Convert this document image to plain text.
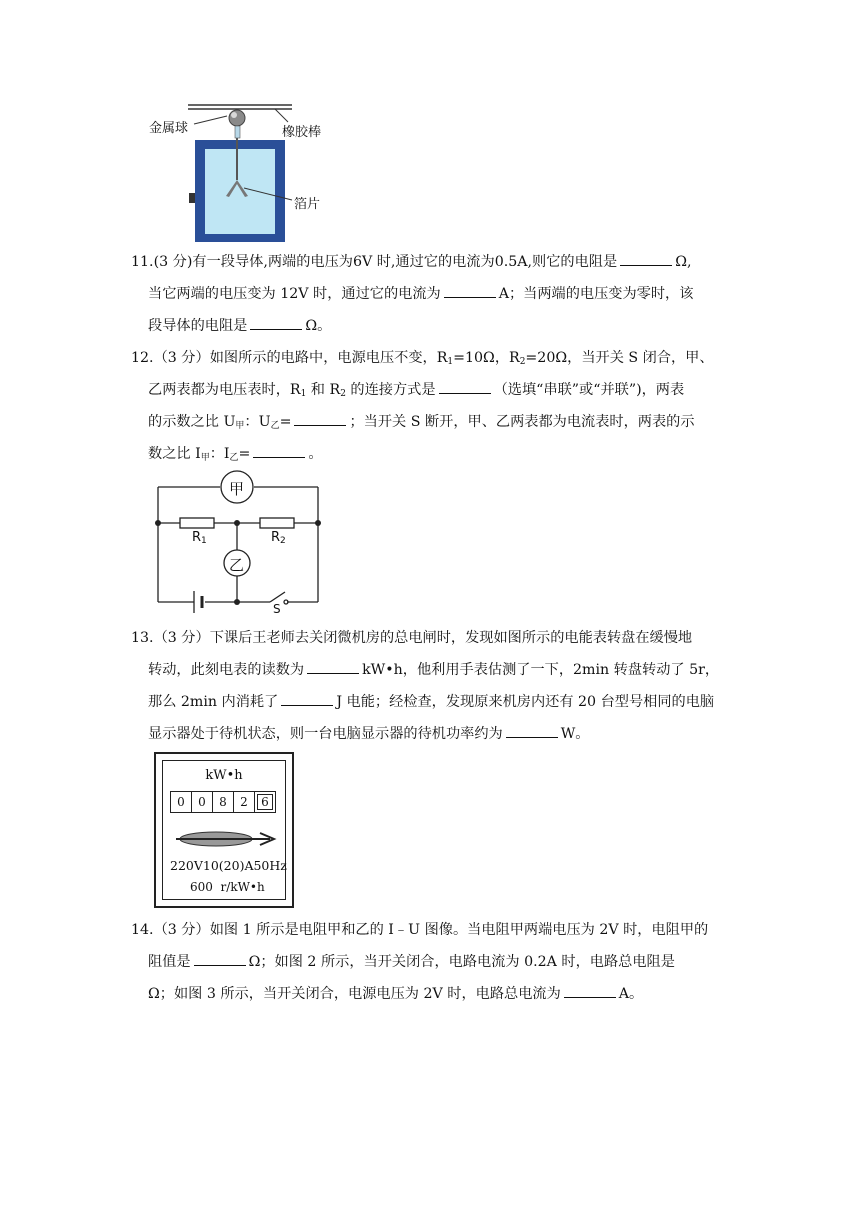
金属球	橡胶棒
箔片
11.(3 分)有一段导体,两端的电压为6V 时,通过它的电流为0.5A,则它的电阻是	Ω,
当它两端的电压变为 12V 时，通过它的电流为	A；当两端的电压变为零时，该
段导体的电阻是	Ω。
12.（3 分）如图所示的电路中，电源电压不变，$R_1=10\Omega$，$R_2=20\Omega$，当开关 S 闭合，甲、
乙两表都为电压表时，$R_1$ 和 $R_2$ 的连接方式是	（选填“串联”或“并联”)，两表
的示数之比 $U_甲$：$U_乙=$	；当开关 S 断开，甲、乙两表都为电流表时，两表的示
数之比 $I_甲$：$I_乙=$	。
甲
乙
$R_1$	$R_2$
S
13.（3 分）下课后王老师去关闭微机房的总电闸时，发现如图所示的电能表转盘在缓慢地
转动，此刻电表的读数为	kW•h，他利用手表估测了一下，2min 转盘转动了 5r，
那么 2min 内消耗了	J 电能；经检查，发现原来机房内还有 20 台型号相同的电脑
显示器处于待机状态，则一台电脑显示器的待机功率约为	W。
kW•h
0	0	8	2	6
220V10(20)A50Hz
600  r/kW•h
14.（3 分）如图 1 所示是电阻甲和乙的 I﹣U 图像。当电阻甲两端电压为 2V 时，电阻甲的
阻值是	Ω；如图 2 所示，当开关闭合，电路电流为 0.2A 时，电路总电阻是
Ω；如图 3 所示，当开关闭合，电源电压为 2V 时，电路总电流为	A。
